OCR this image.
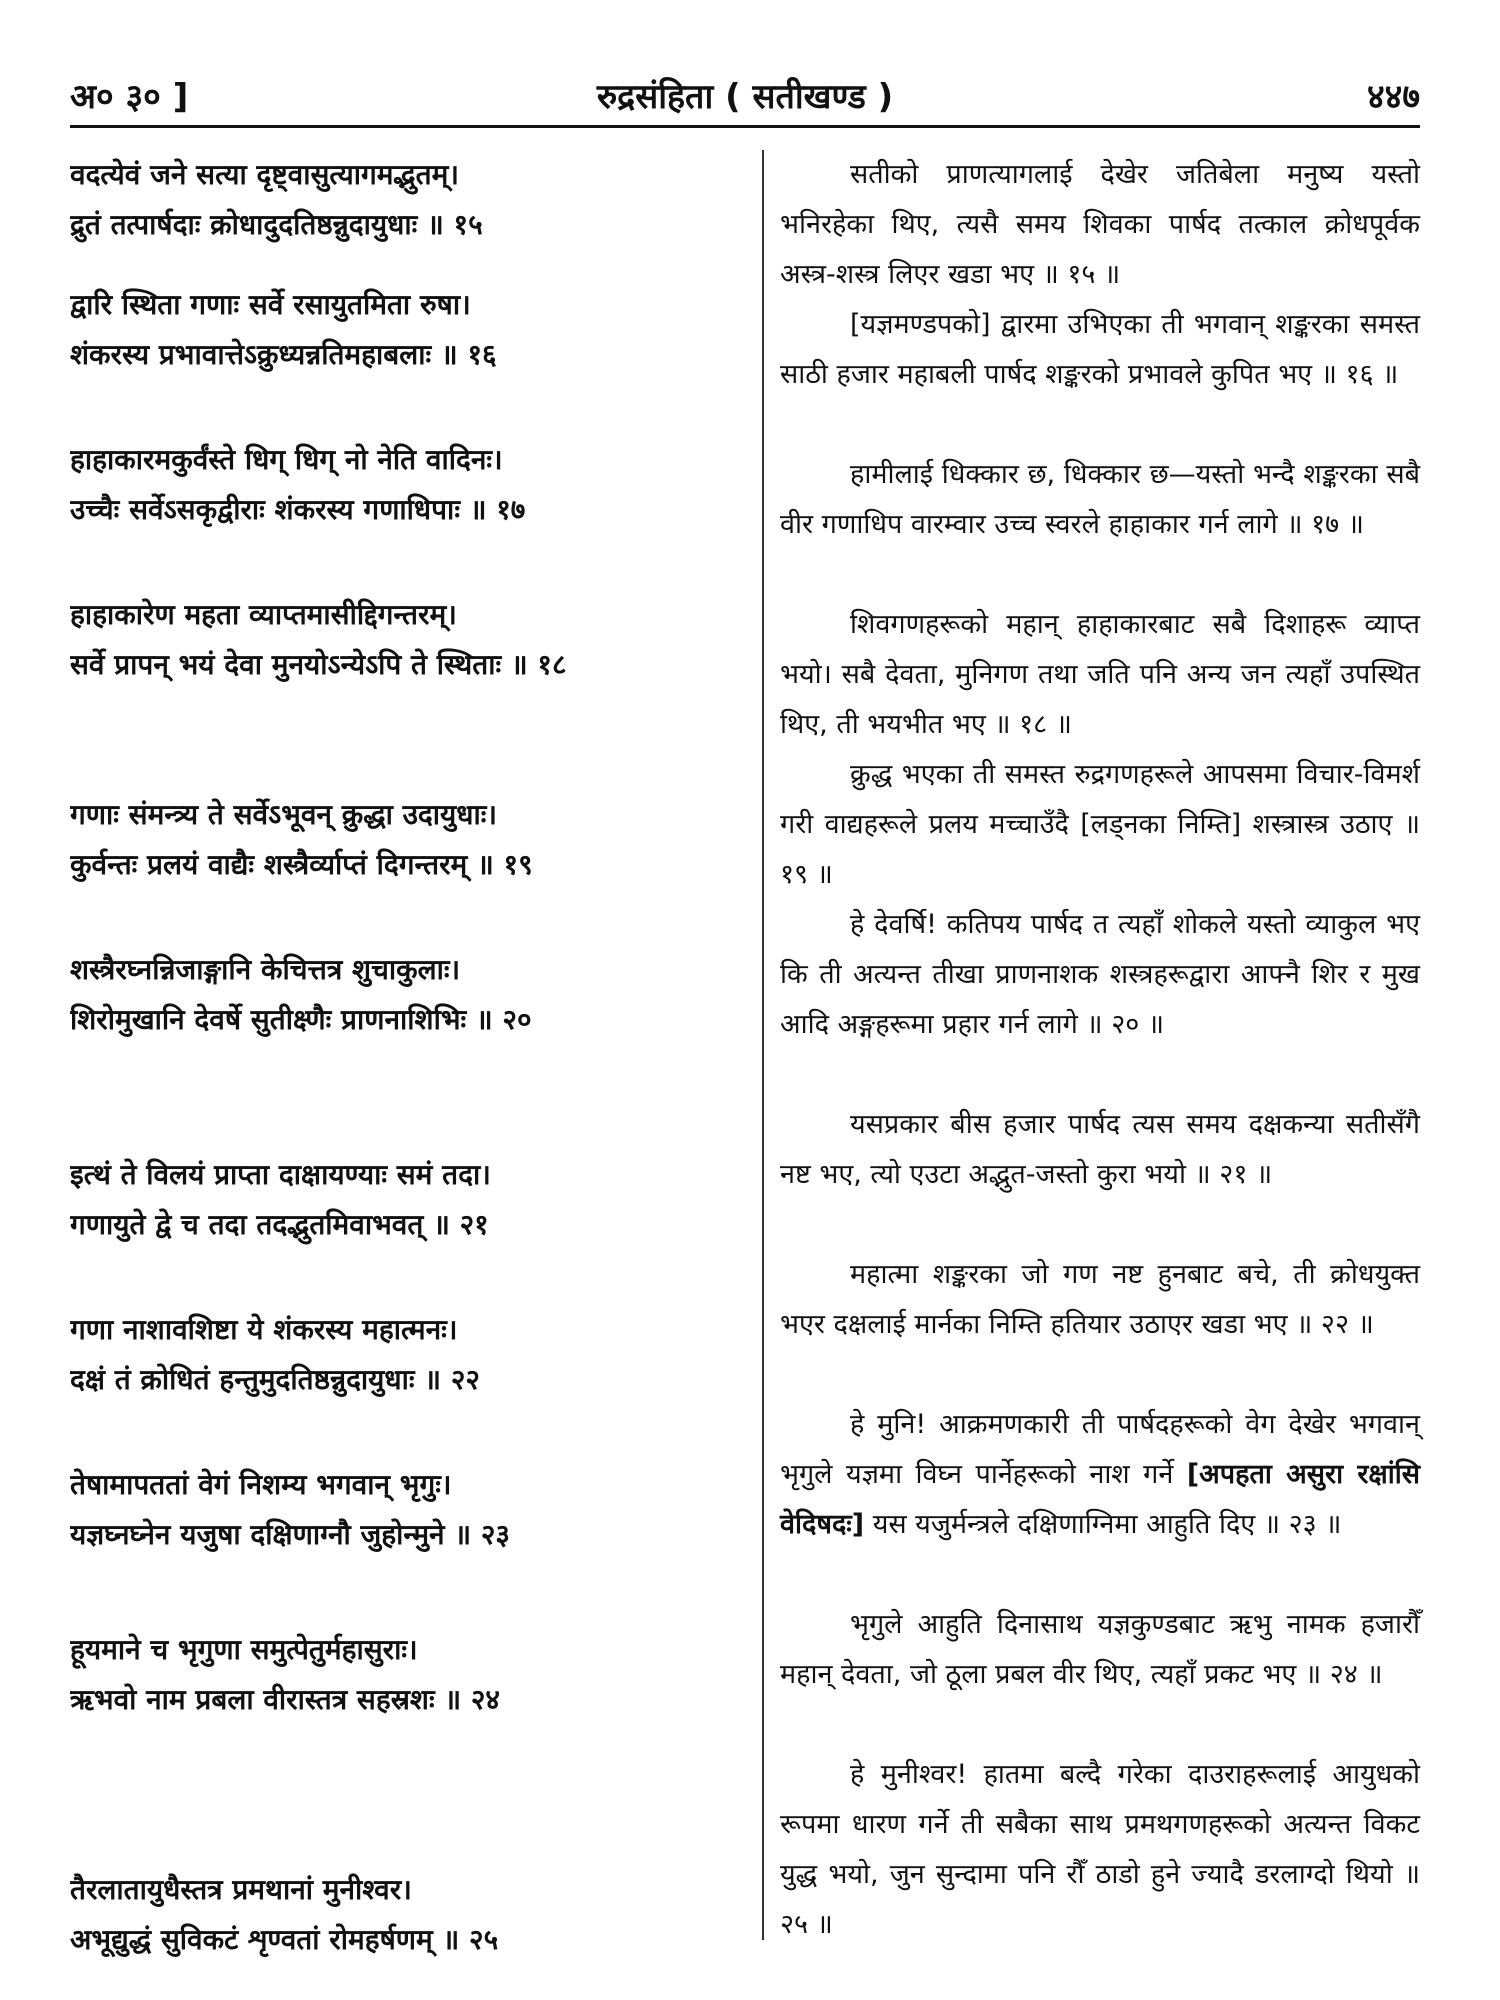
अ० ३० ]	रुद्रसंहिता ( सतीखण्ड )	४४७
वदत्येवं जने सत्या दृष्ट्वासुत्यागमद्भुतम्।
द्रुतं तत्पार्षदाः क्रोधादुदतिष्ठन्नुदायुधाः ॥ १५
द्वारि स्थिता गणाः सर्वे रसायुतमिता रुषा।
शंकरस्य प्रभावात्तेऽक्रुध्यन्नतिमहाबलाः ॥ १६
हाहाकारमकुर्वंस्ते धिग् धिग् नो नेति वादिनः।
उच्चैः सर्वेऽसकृद्वीराः शंकरस्य गणाधिपाः ॥ १७
हाहाकारेण महता व्याप्तमासीद्दिगन्तरम्।
सर्वे प्रापन् भयं देवा मुनयोऽन्येऽपि ते स्थिताः ॥ १८
गणाः संमन्त्र्य ते सर्वेऽभूवन् क्रुद्धा उदायुधाः।
कुर्वन्तः प्रलयं वाद्यैः शस्त्रैर्व्याप्तं दिगन्तरम् ॥ १९
शस्त्रैरघ्नन्निजाङ्गानि केचित्तत्र शुचाकुलाः।
शिरोमुखानि देवर्षे सुतीक्ष्णैः प्राणनाशिभिः ॥ २०
इत्थं ते विलयं प्राप्ता दाक्षायण्याः समं तदा।
गणायुते द्वे च तदा तदद्भुतमिवाभवत् ॥ २१
गणा नाशावशिष्टा ये शंकरस्य महात्मनः।
दक्षं तं क्रोधितं हन्तुमुदतिष्ठन्नुदायुधाः ॥ २२
तेषामापततां वेगं निशम्य भगवान् भृगुः।
यज्ञघ्नघ्नेन यजुषा दक्षिणाग्नौ जुहोन्मुने ॥ २३
हूयमाने च भृगुणा समुत्पेतुर्महासुराः।
ऋभवो नाम प्रबला वीरास्तत्र सहस्रशः ॥ २४
तैरलातायुधैस्तत्र प्रमथानां मुनीश्वर।
अभूद्युद्धं सुविकटं शृण्वतां रोमहर्षणम् ॥ २५

सतीको प्राणत्यागलाई देखेर जतिबेला मनुष्य यस्तो भनिरहेका थिए, त्यसै समय शिवका पार्षद तत्काल क्रोधपूर्वक अस्त्र-शस्त्र लिएर खडा भए ॥ १५ ॥

[यज्ञमण्डपको] द्वारमा उभिएका ती भगवान् शङ्करका समस्त साठी हजार महाबली पार्षद शङ्करको प्रभावले कुपित भए ॥ १६ ॥

हामीलाई धिक्कार छ, धिक्कार छ—यस्तो भन्दै शङ्करका सबै वीर गणाधिप वारम्वार उच्च स्वरले हाहाकार गर्न लागे ॥ १७ ॥

शिवगणहरूको महान् हाहाकारबाट सबै दिशाहरू व्याप्त भयो। सबै देवता, मुनिगण तथा जति पनि अन्य जन त्यहाँ उपस्थित थिए, ती भयभीत भए ॥ १८ ॥

क्रुद्ध भएका ती समस्त रुद्रगणहरूले आपसमा विचार-विमर्श गरी वाद्यहरूले प्रलय मच्चाउँदै [लड्नका निम्ति] शस्त्रास्त्र उठाए ॥ १९ ॥

हे देवर्षि! कतिपय पार्षद त त्यहाँ शोकले यस्तो व्याकुल भए कि ती अत्यन्त तीखा प्राणनाशक शस्त्रहरूद्वारा आफ्नै शिर र मुख आदि अङ्गहरूमा प्रहार गर्न लागे ॥ २० ॥

यसप्रकार बीस हजार पार्षद त्यस समय दक्षकन्या सतीसँगै नष्ट भए, त्यो एउटा अद्भुत-जस्तो कुरा भयो ॥ २१ ॥

महात्मा शङ्करका जो गण नष्ट हुनबाट बचे, ती क्रोधयुक्त भएर दक्षलाई मार्नका निम्ति हतियार उठाएर खडा भए ॥ २२ ॥

हे मुनि! आक्रमणकारी ती पार्षदहरूको वेग देखेर भगवान् भृगुले यज्ञमा विघ्न पार्नेहरूको नाश गर्ने [अपहता असुरा रक्षांसि वेदिषदः] यस यजुर्मन्त्रले दक्षिणाग्निमा आहुति दिए ॥ २३ ॥

भृगुले आहुति दिनासाथ यज्ञकुण्डबाट ऋभु नामक हजारौँ महान् देवता, जो ठूला प्रबल वीर थिए, त्यहाँ प्रकट भए ॥ २४ ॥

हे मुनीश्वर! हातमा बल्दै गरेका दाउराहरूलाई आयुधको रूपमा धारण गर्ने ती सबैका साथ प्रमथगणहरूको अत्यन्त विकट युद्ध भयो, जुन सुन्दामा पनि रौँ ठाडो हुने ज्यादै डरलाग्दो थियो ॥ २५ ॥
